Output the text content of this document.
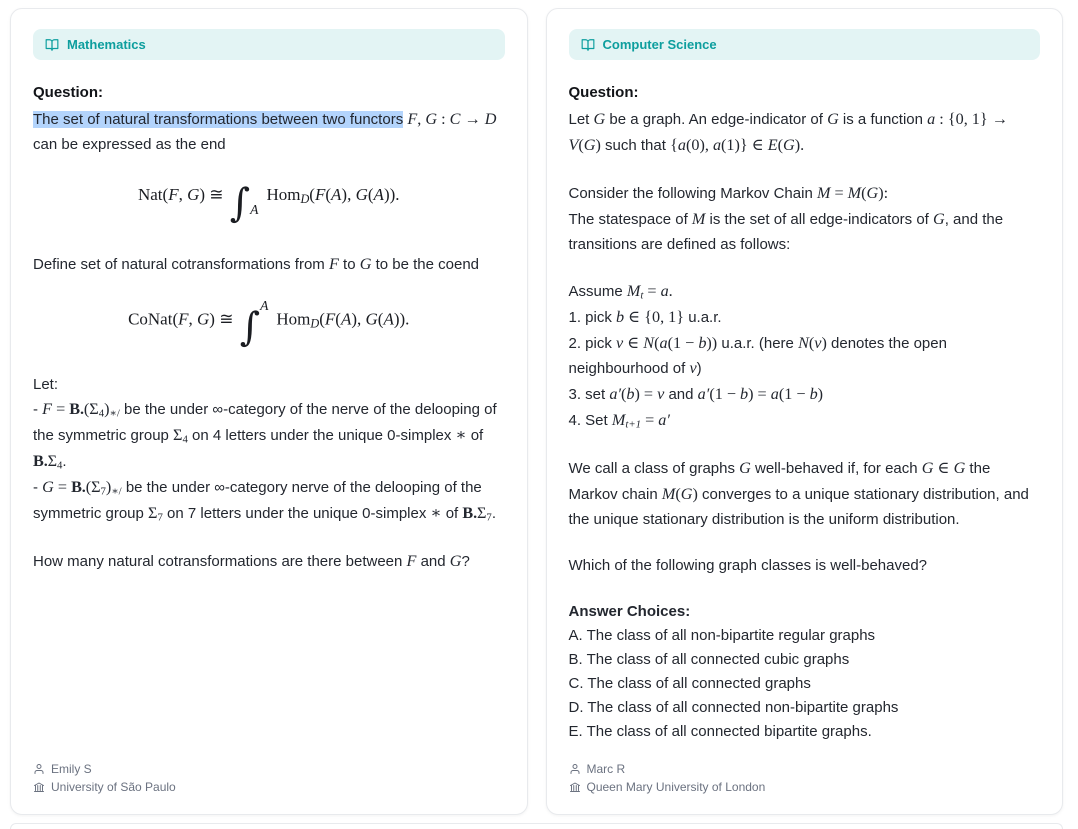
Mathematics
Question:

The set of natural transformations between two functors F, G : C → D can be expressed as the end

Nat(F, G) ≅ $\int_AHomD(F(A)$, G(A)).

Define set of natural cotransformations from F to G to be the coend

CoNat(F, G) ≅ ∫$^A$HomD(F(A), G(A)).

Let:

- F = B•(Σ4)∗/ be the under ∞-category of the nerve of the delooping of the symmetric group Σ4 on 4 letters under the unique 0-simplex ∗ of B•Σ4.

- G = B•(Σ7)∗/ be the under ∞-category nerve of the delooping of the symmetric group Σ7 on 7 letters under the unique 0-simplex ∗ of B•Σ7.

How many natural cotransformations are there between F and G?

Emily S
University of São Paulo
Computer Science
Question:

Let G be a graph. An edge-indicator of G is a function a : {0, 1} → V(G) such that {a(0), a(1)} ∈ E(G).

Consider the following Markov Chain M = M(G):
The statespace of M is the set of all edge-indicators of G, and the transitions are defined as follows:

Assume Mt = a.

1. pick b ∈ {0, 1} u.a.r.

2. pick v ∈ N(a(1 − b)) u.a.r. (here N(v) denotes the open neighbourhood of v)

3. set a′(b) = v and a′(1 − b) = a(1 − b)

4. Set Mt+1 = a′

We call a class of graphs G well-behaved if, for each G ∈ G the Markov chain M(G) converges to a unique stationary distribution, and the unique stationary distribution is the uniform distribution.

Which of the following graph classes is well-behaved?

Answer Choices:

A. The class of all non-bipartite regular graphs

B. The class of all connected cubic graphs

C. The class of all connected graphs

D. The class of all connected non-bipartite graphs

E. The class of all connected bipartite graphs.

Marc R
Queen Mary University of London
